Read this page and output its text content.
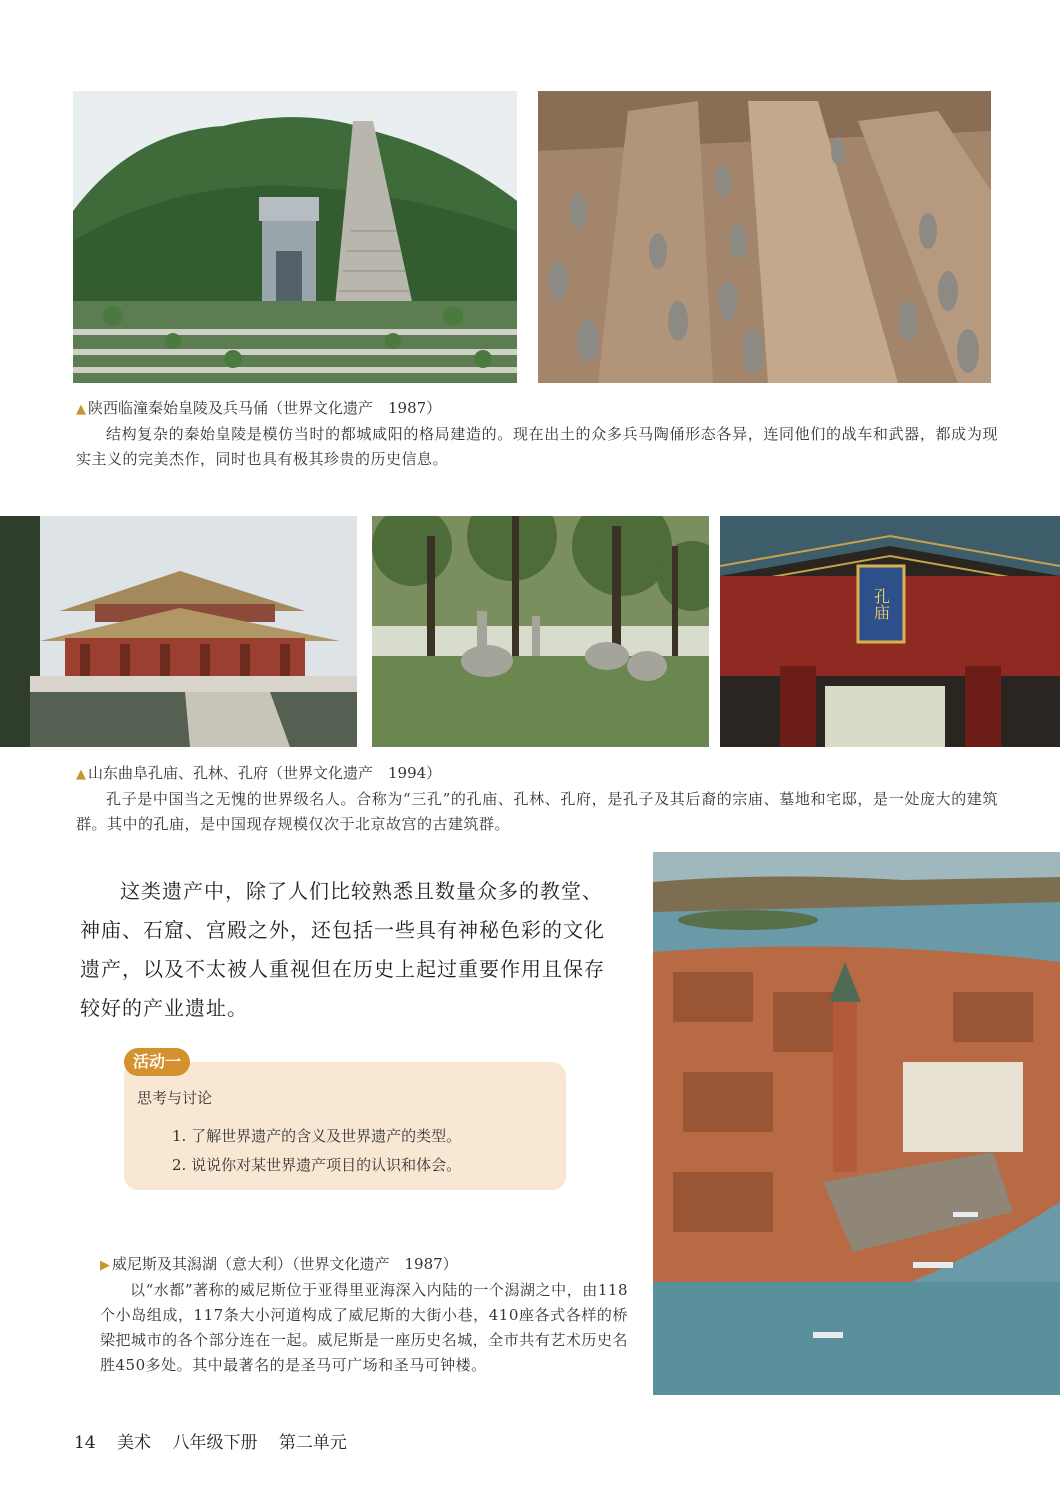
▲ 陕西临潼秦始皇陵及兵马俑（世界文化遗产　1987）
结构复杂的秦始皇陵是模仿当时的都城咸阳的格局建造的。现在出土的众多兵马陶俑形态各异，连同他们的战车和武器，都成为现实主义的完美杰作，同时也具有极其珍贵的历史信息。
孔庙
▲ 山东曲阜孔庙、孔林、孔府（世界文化遗产　1994）
孔子是中国当之无愧的世界级名人。合称为“三孔”的孔庙、孔林、孔府，是孔子及其后裔的宗庙、墓地和宅邸，是一处庞大的建筑群。其中的孔庙，是中国现存规模仅次于北京故宫的古建筑群。
这类遗产中，除了人们比较熟悉且数量众多的教堂、神庙、石窟、宫殿之外，还包括一些具有神秘色彩的文化遗产，以及不太被人重视但在历史上起过重要作用且保存较好的产业遗址。
活动一
思考与讨论
1. 了解世界遗产的含义及世界遗产的类型。
2. 说说你对某世界遗产项目的认识和体会。
▶ 威尼斯及其潟湖（意大利）（世界文化遗产　1987）
以“水都”著称的威尼斯位于亚得里亚海深入内陆的一个潟湖之中，由118个小岛组成，117条大小河道构成了威尼斯的大街小巷，410座各式各样的桥梁把城市的各个部分连在一起。威尼斯是一座历史名城，全市共有艺术历史名胜450多处。其中最著名的是圣马可广场和圣马可钟楼。
14 美术 八年级下册 第二单元
